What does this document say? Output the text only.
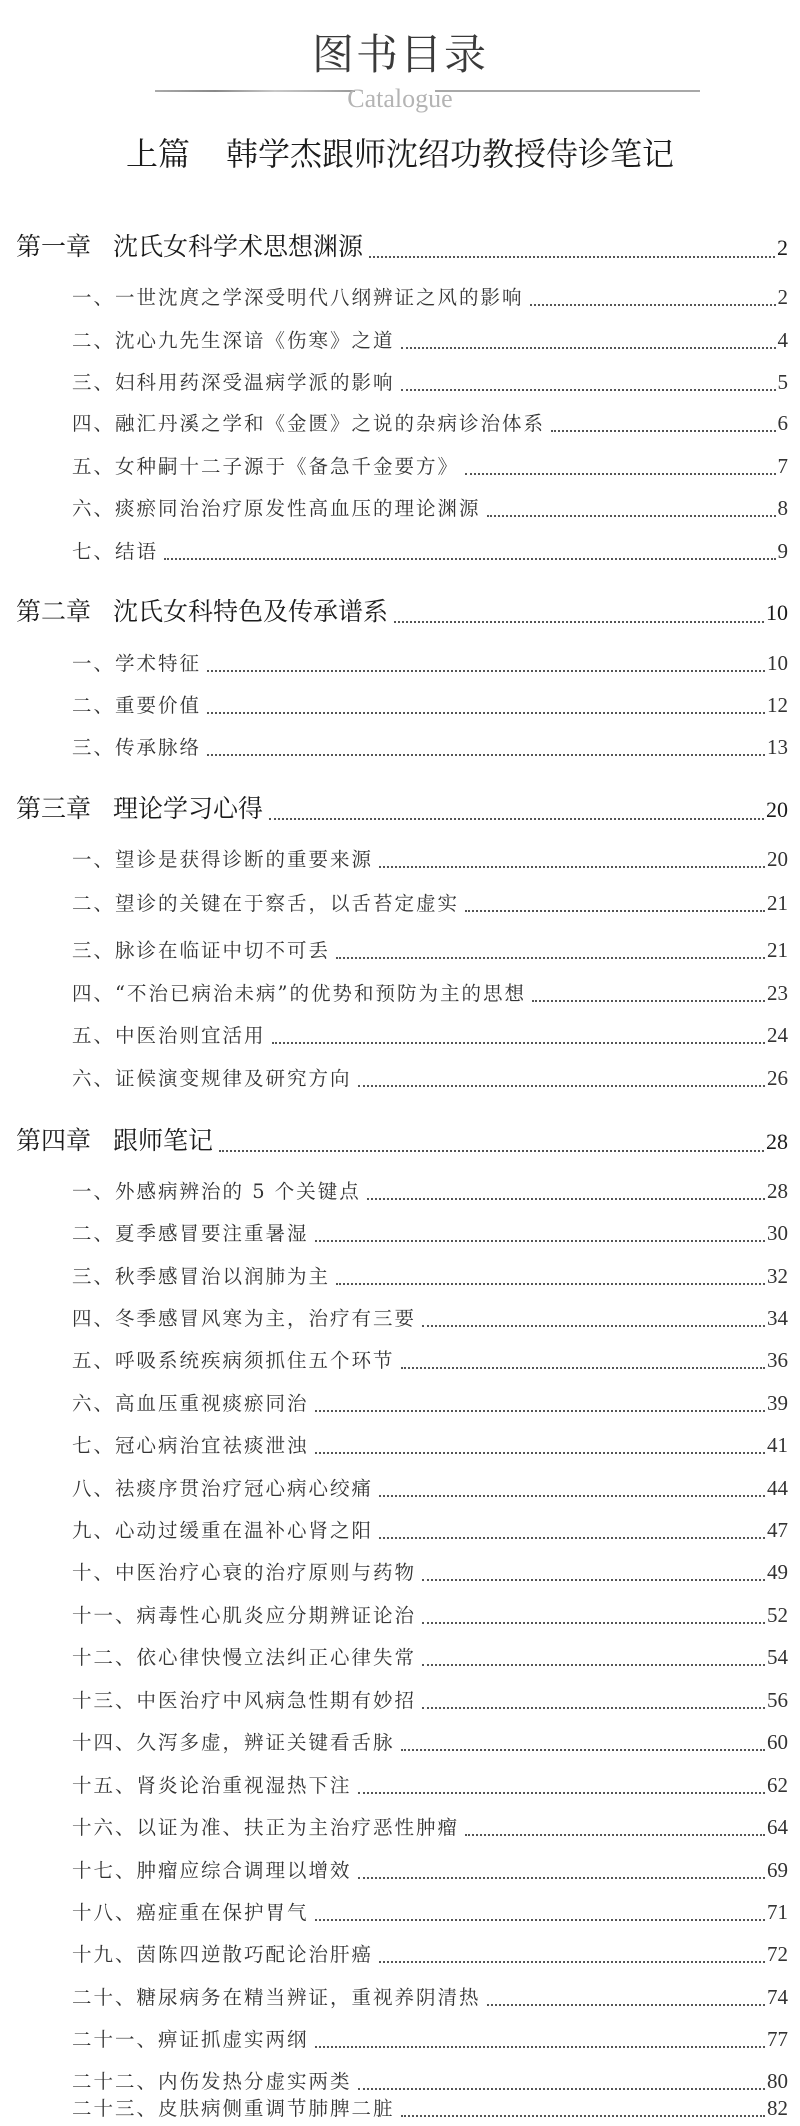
图书目录
Catalogue
上篇 韩学杰跟师沈绍功教授侍诊笔记
第一章 沈氏女科学术思想渊源	2
一、一世沈庹之学深受明代八纲辨证之风的影响	2
二、沈心九先生深谙《伤寒》之道	4
三、妇科用药深受温病学派的影响	5
四、融汇丹溪之学和《金匮》之说的杂病诊治体系	6
五、女种嗣十二子源于《备急千金要方》	7
六、痰瘀同治治疗原发性高血压的理论渊源	8
七、结语	9
第二章 沈氏女科特色及传承谱系	10
一、学术特征	10
二、重要价值	12
三、传承脉络	13
第三章 理论学习心得	20
一、望诊是获得诊断的重要来源	20
二、望诊的关键在于察舌，以舌苔定虚实	21
三、脉诊在临证中切不可丢	21
四、“不治已病治未病”的优势和预防为主的思想	23
五、中医治则宜活用	24
六、证候演变规律及研究方向	26
第四章 跟师笔记	28
一、外感病辨治的 5 个关键点	28
二、夏季感冒要注重暑湿	30
三、秋季感冒治以润肺为主	32
四、冬季感冒风寒为主，治疗有三要	34
五、呼吸系统疾病须抓住五个环节	36
六、高血压重视痰瘀同治	39
七、冠心病治宜祛痰泄浊	41
八、祛痰序贯治疗冠心病心绞痛	44
九、心动过缓重在温补心肾之阳	47
十、中医治疗心衰的治疗原则与药物	49
十一、病毒性心肌炎应分期辨证论治	52
十二、依心律快慢立法纠正心律失常	54
十三、中医治疗中风病急性期有妙招	56
十四、久泻多虚，辨证关键看舌脉	60
十五、肾炎论治重视湿热下注	62
十六、以证为准、扶正为主治疗恶性肿瘤	64
十七、肿瘤应综合调理以增效	69
十八、癌症重在保护胃气	71
十九、茵陈四逆散巧配论治肝癌	72
二十、糖尿病务在精当辨证，重视养阴清热	74
二十一、痹证抓虚实两纲	77
二十二、内伤发热分虚实两类	80
二十三、皮肤病侧重调节肺脾二脏	82
